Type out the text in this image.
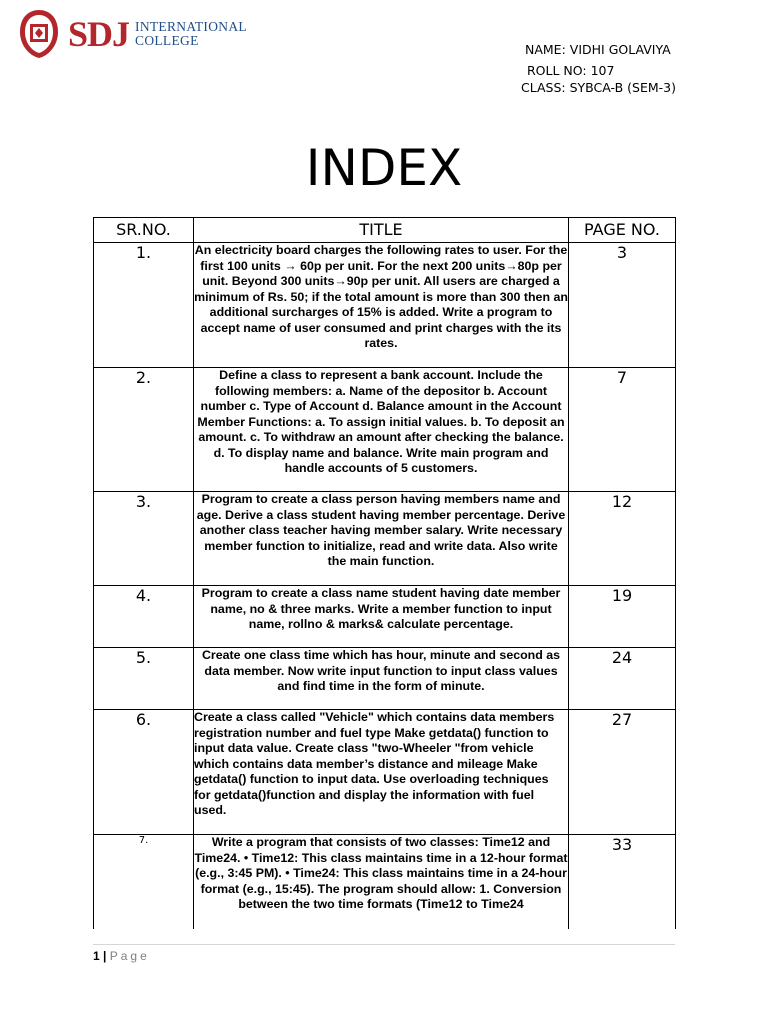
SDJ INTERNATIONAL
COLLEGE
NAME: VIDHI GOLAVIYA
ROLL NO: 107
CLASS: SYBCA-B (SEM-3)
INDEX
SR.NO.	TITLE	PAGE NO.
1.	An electricity board charges the following rates to user. For the first 100 units → 60p per unit. For the next 200 units→80p per unit. Beyond 300 units→90p per unit. All users are charged a minimum of Rs. 50; if the total amount is more than 300 then an additional surcharges of 15% is added. Write a program to accept name of user consumed and print charges with the its rates.	3
2.	Define a class to represent a bank account. Include the following members: a. Name of the depositor b. Account number c. Type of Account d. Balance amount in the Account Member Functions: a. To assign initial values. b. To deposit an amount. c. To withdraw an amount after checking the balance. d. To display name and balance. Write main program and handle accounts of 5 customers.	7
3.	Program to create a class person having members name and age. Derive a class student having member percentage. Derive another class teacher having member salary. Write necessary member function to initialize, read and write data. Also write the main function.	12
4.	Program to create a class name student having date member name, no & three marks. Write a member function to input name, rollno & marks& calculate percentage.	19
5.	Create one class time which has hour, minute and second as data member. Now write input function to input class values and find time in the form of minute.	24
6.	Create a class called "Vehicle" which contains data members registration number and fuel type Make getdata() function to input data value. Create class "two-Wheeler "from vehicle which contains data member’s distance and mileage Make getdata() function to input data. Use overloading techniques for getdata()function and display the information with fuel used.	27
7.	Write a program that consists of two classes: Time12 and Time24. • Time12: This class maintains time in a 12-hour format (e.g., 3:45 PM). • Time24: This class maintains time in a 24-hour format (e.g., 15:45). The program should allow: 1. Conversion between the two time formats (Time12 to Time24	33
1 | Page
